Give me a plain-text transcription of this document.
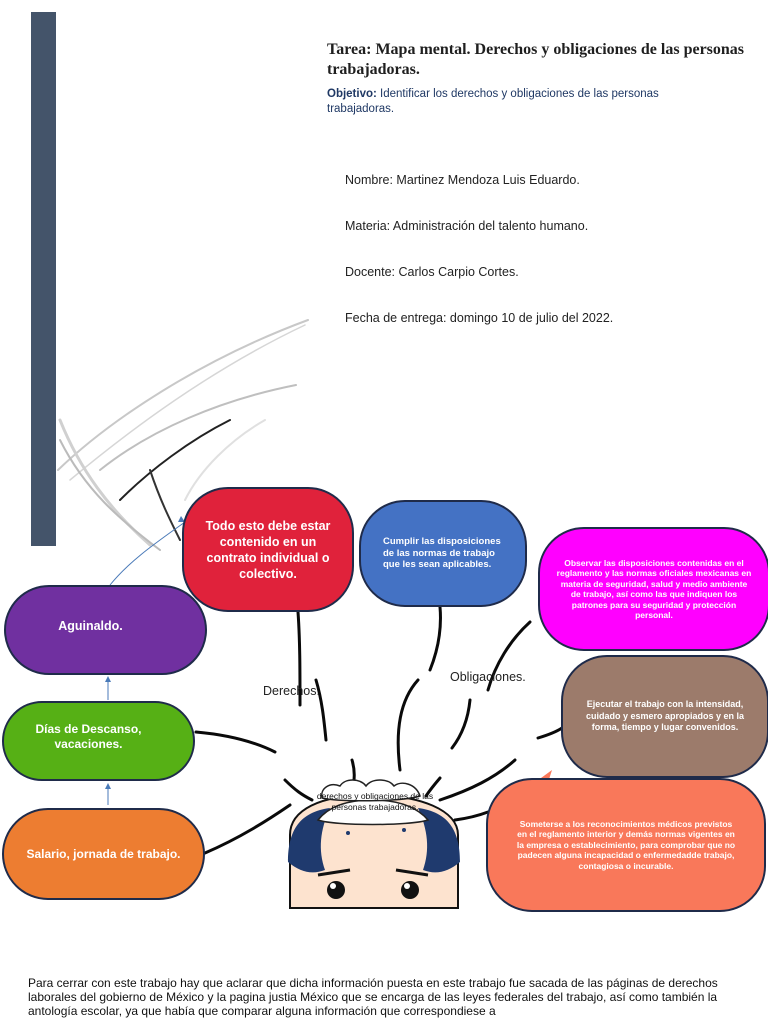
Tarea: Mapa mental. Derechos y obligaciones de las personas trabajadoras.
Objetivo: Identificar los derechos y obligaciones de las personas trabajadoras.
Nombre: Martinez Mendoza Luis Eduardo.
Materia: Administración del talento humano.
Docente: Carlos Carpio Cortes.
Fecha de entrega: domingo 10 de julio del 2022.
Todo esto debe estar contenido en un contrato individual o colectivo.
Cumplir las disposiciones de las normas de trabajo que les sean aplicables.	Observar las disposiciones contenidas en el reglamento y las normas oficiales mexicanas en materia de seguridad, salud y medio ambiente de trabajo, así como las que indiquen los patrones para su seguridad y protección personal.
Aguinaldo.
Ejecutar el trabajo con la intensidad, cuidado y esmero apropiados y en la forma, tiempo y lugar convenidos.
Días de Descanso, vacaciones.
Someterse a los reconocimientos médicos previstos en el reglamento interior y demás normas vigentes en la empresa o establecimiento, para comprobar que no padecen alguna incapacidad o enfermedadde trabajo, contagiosa o incurable.
Salario, jornada de trabajo.
Derechos.
Obligaciones.
derechos y obligaciones de las personas trabajadoras.
Para cerrar con este trabajo hay que aclarar que dicha información puesta en este trabajo fue sacada de las páginas de derechos laborales del gobierno de México y la pagina justia México que se encarga de las leyes federales del trabajo, así como también la antología escolar, ya que había que comparar alguna información que correspondiese a
